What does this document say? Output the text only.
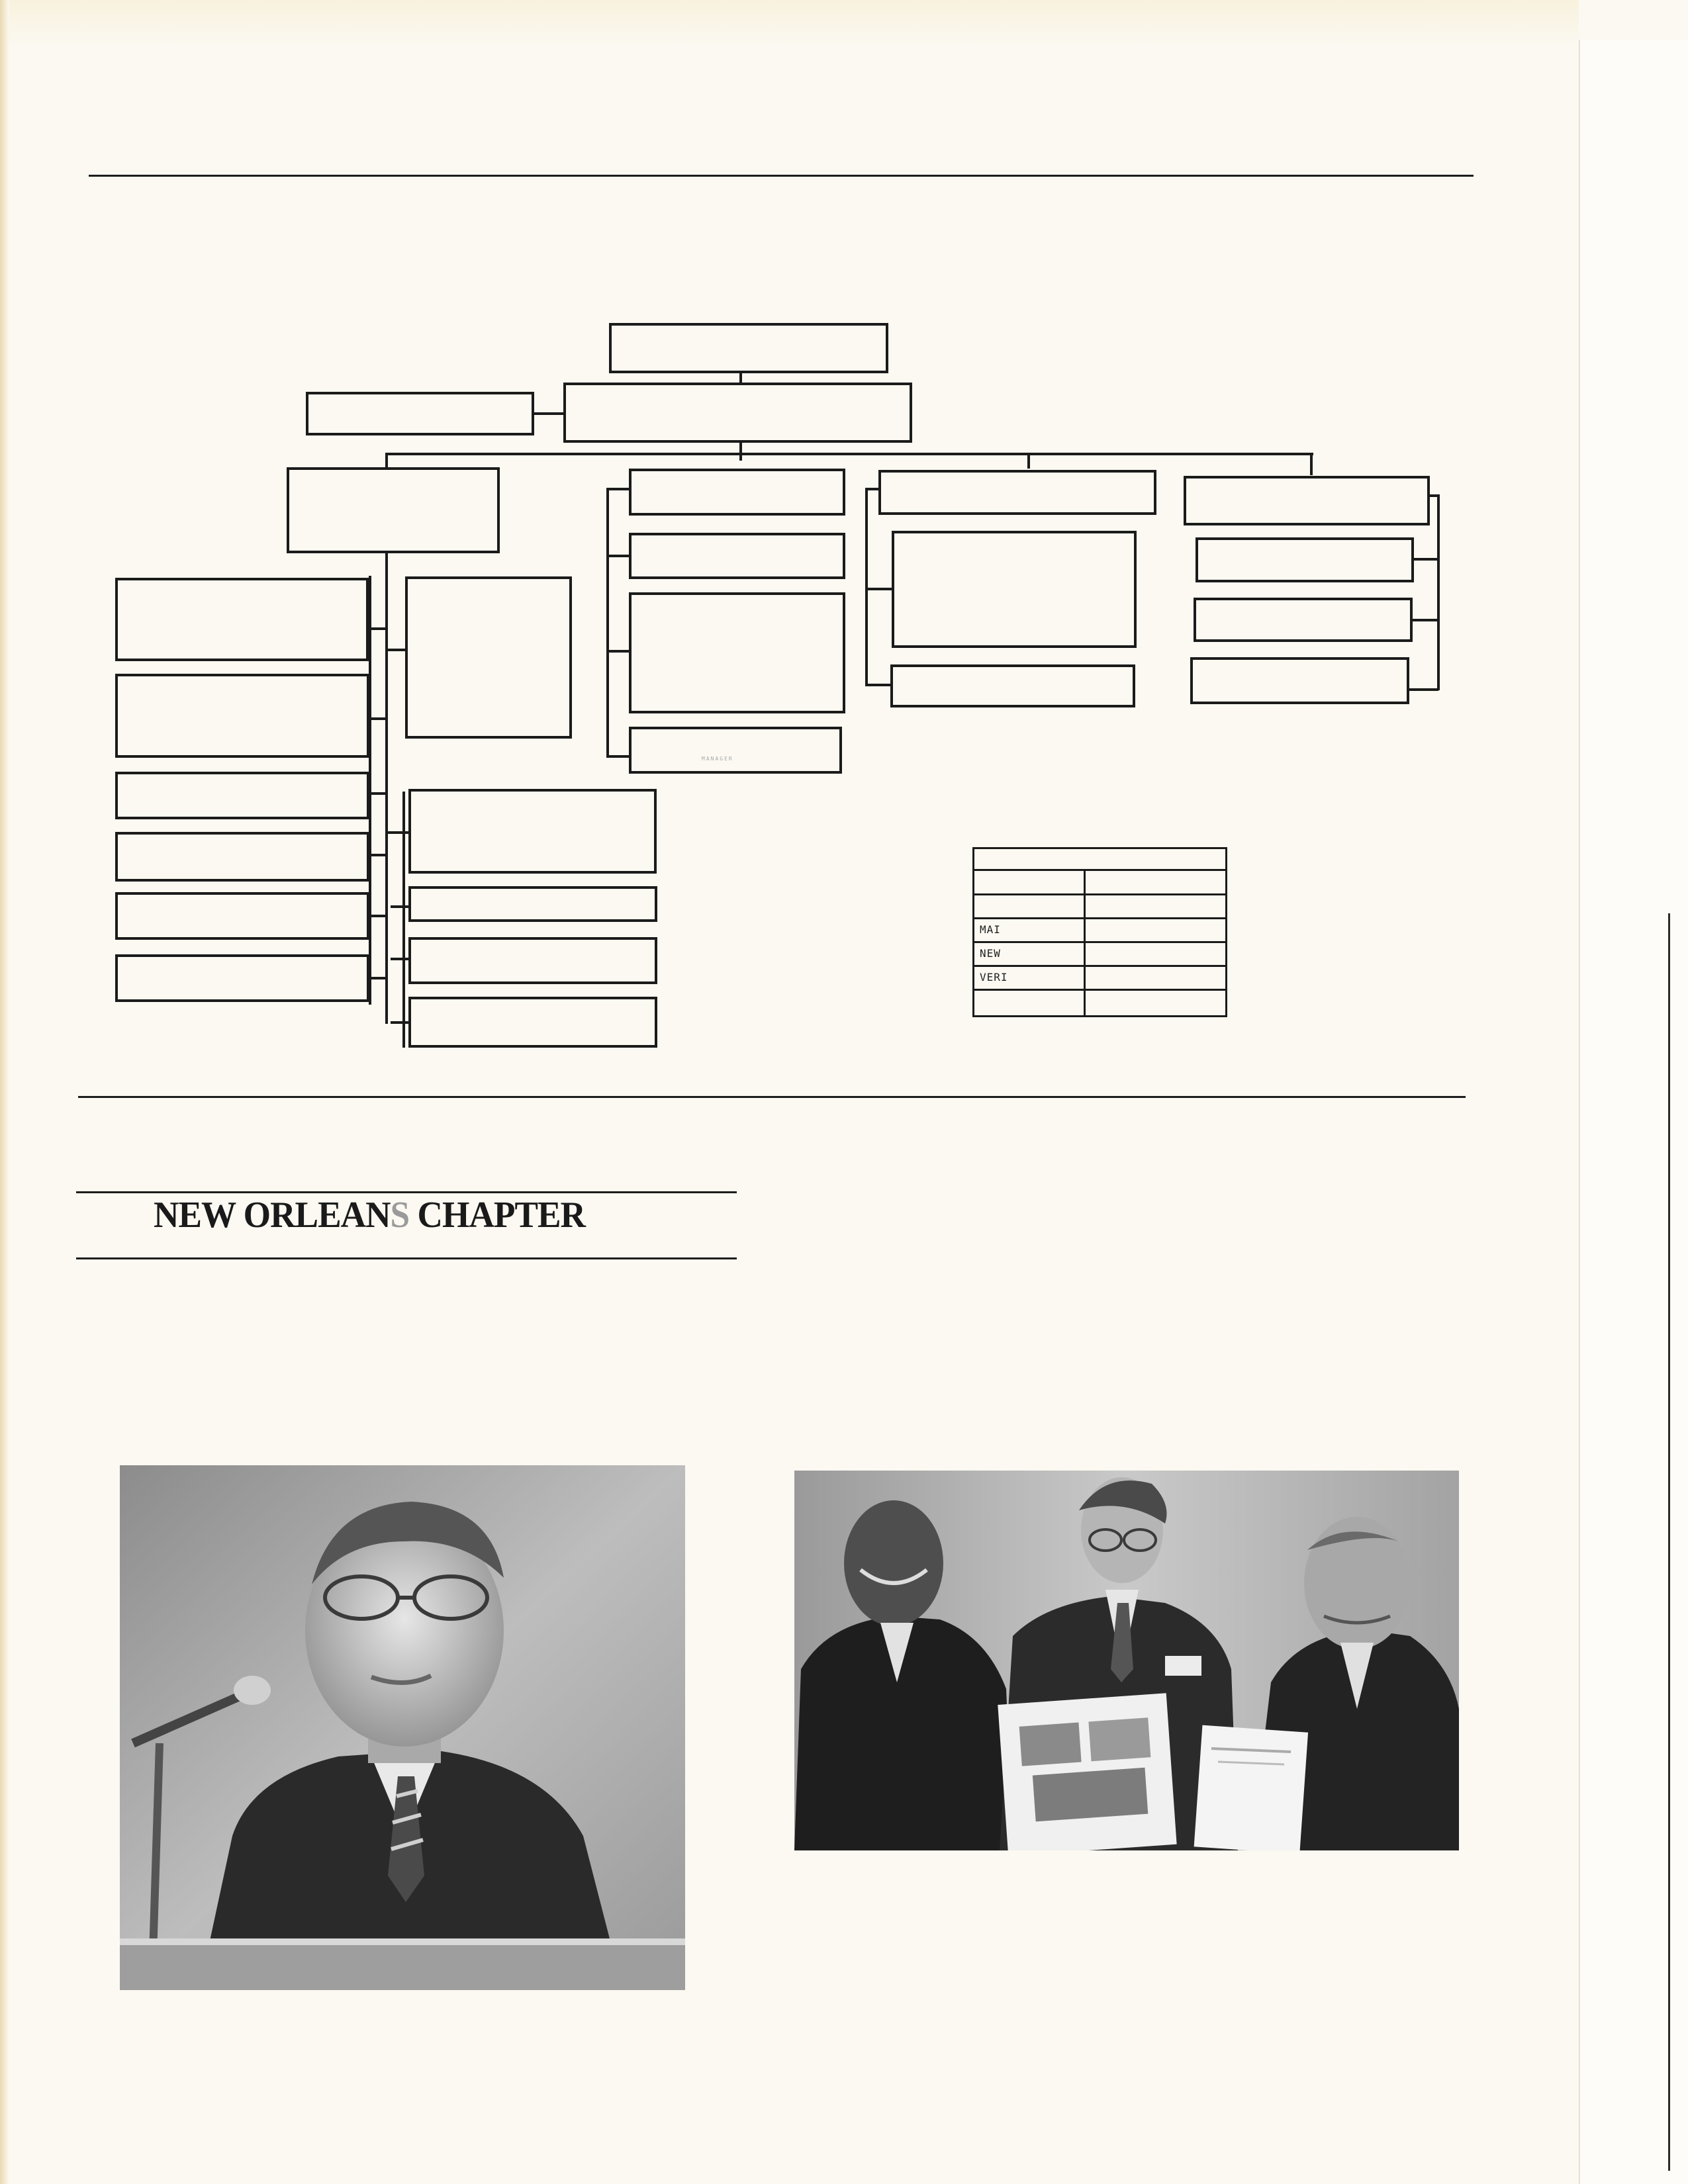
MANAGER
MAI
NEW
VERI
NEW ORLEANS CHAPTER
